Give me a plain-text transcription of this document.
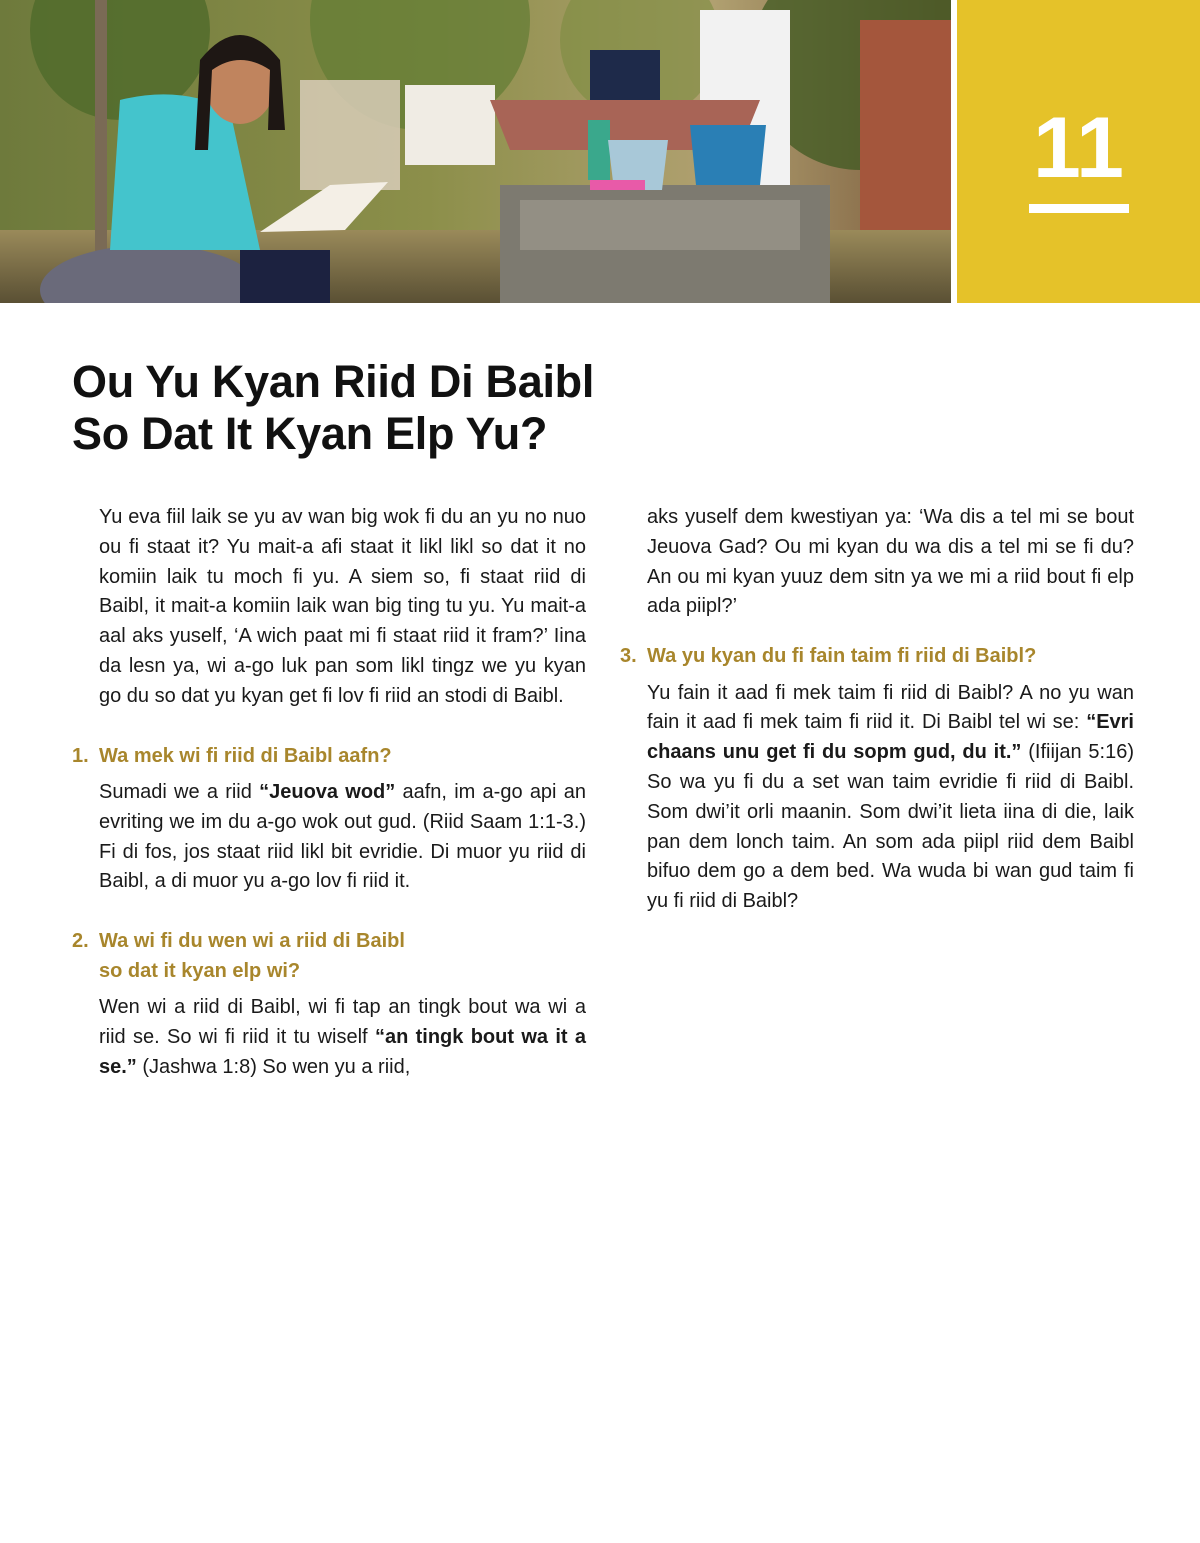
11
Ou Yu Kyan Riid Di Baibl
So Dat It Kyan Elp Yu?

Yu eva fiil laik se yu av wan big wok fi du an yu no nuo ou fi staat it? Yu mait-a afi staat it likl likl so dat it no komiin laik tu moch fi yu. A siem so, fi staat riid di Baibl, it mait-a komiin laik wan big ting tu yu. Yu mait-a aal aks yuself, ‘A wich paat mi fi staat riid it fram?’ Iina da lesn ya, wi a-go luk pan som likl tingz we yu kyan go du so dat yu kyan get fi lov fi riid an stodi di Baibl.

1. Wa mek wi fi riid di Baibl aafn?

Sumadi we a riid “Jeuova wod” aafn, im a-go api an evriting we im du a-go wok out gud. (Riid Saam 1:1-3.) Fi di fos, jos staat riid likl bit evridie. Di muor yu riid di Baibl, a di muor yu a-go lov fi riid it.

2. Wa wi fi du wen wi a riid di Baibl
so dat it kyan elp wi?

Wen wi a riid di Baibl, wi fi tap an tingk bout wa wi a riid se. So wi fi riid it tu wiself “an tingk bout wa it a se.” (Jashwa 1:8) So wen yu a riid,

aks yuself dem kwestiyan ya: ‘Wa dis a tel mi se bout Jeuova Gad? Ou mi kyan du wa dis a tel mi se fi du? An ou mi kyan yuuz dem sitn ya we mi a riid bout fi elp ada piipl?’

3. Wa yu kyan du fi fain taim fi riid di Baibl?

Yu fain it aad fi mek taim fi riid di Baibl? A no yu wan fain it aad fi mek taim fi riid it. Di Baibl tel wi se: “Evri chaans unu get fi du sopm gud, du it.” (Ifiijan 5:16) So wa yu fi du a set wan taim evridie fi riid di Baibl. Som dwi’it orli maanin. Som dwi’it lieta iina di die, laik pan dem lonch taim. An som ada piipl riid dem Baibl bifuo dem go a dem bed. Wa wuda bi wan gud taim fi yu fi riid di Baibl?
